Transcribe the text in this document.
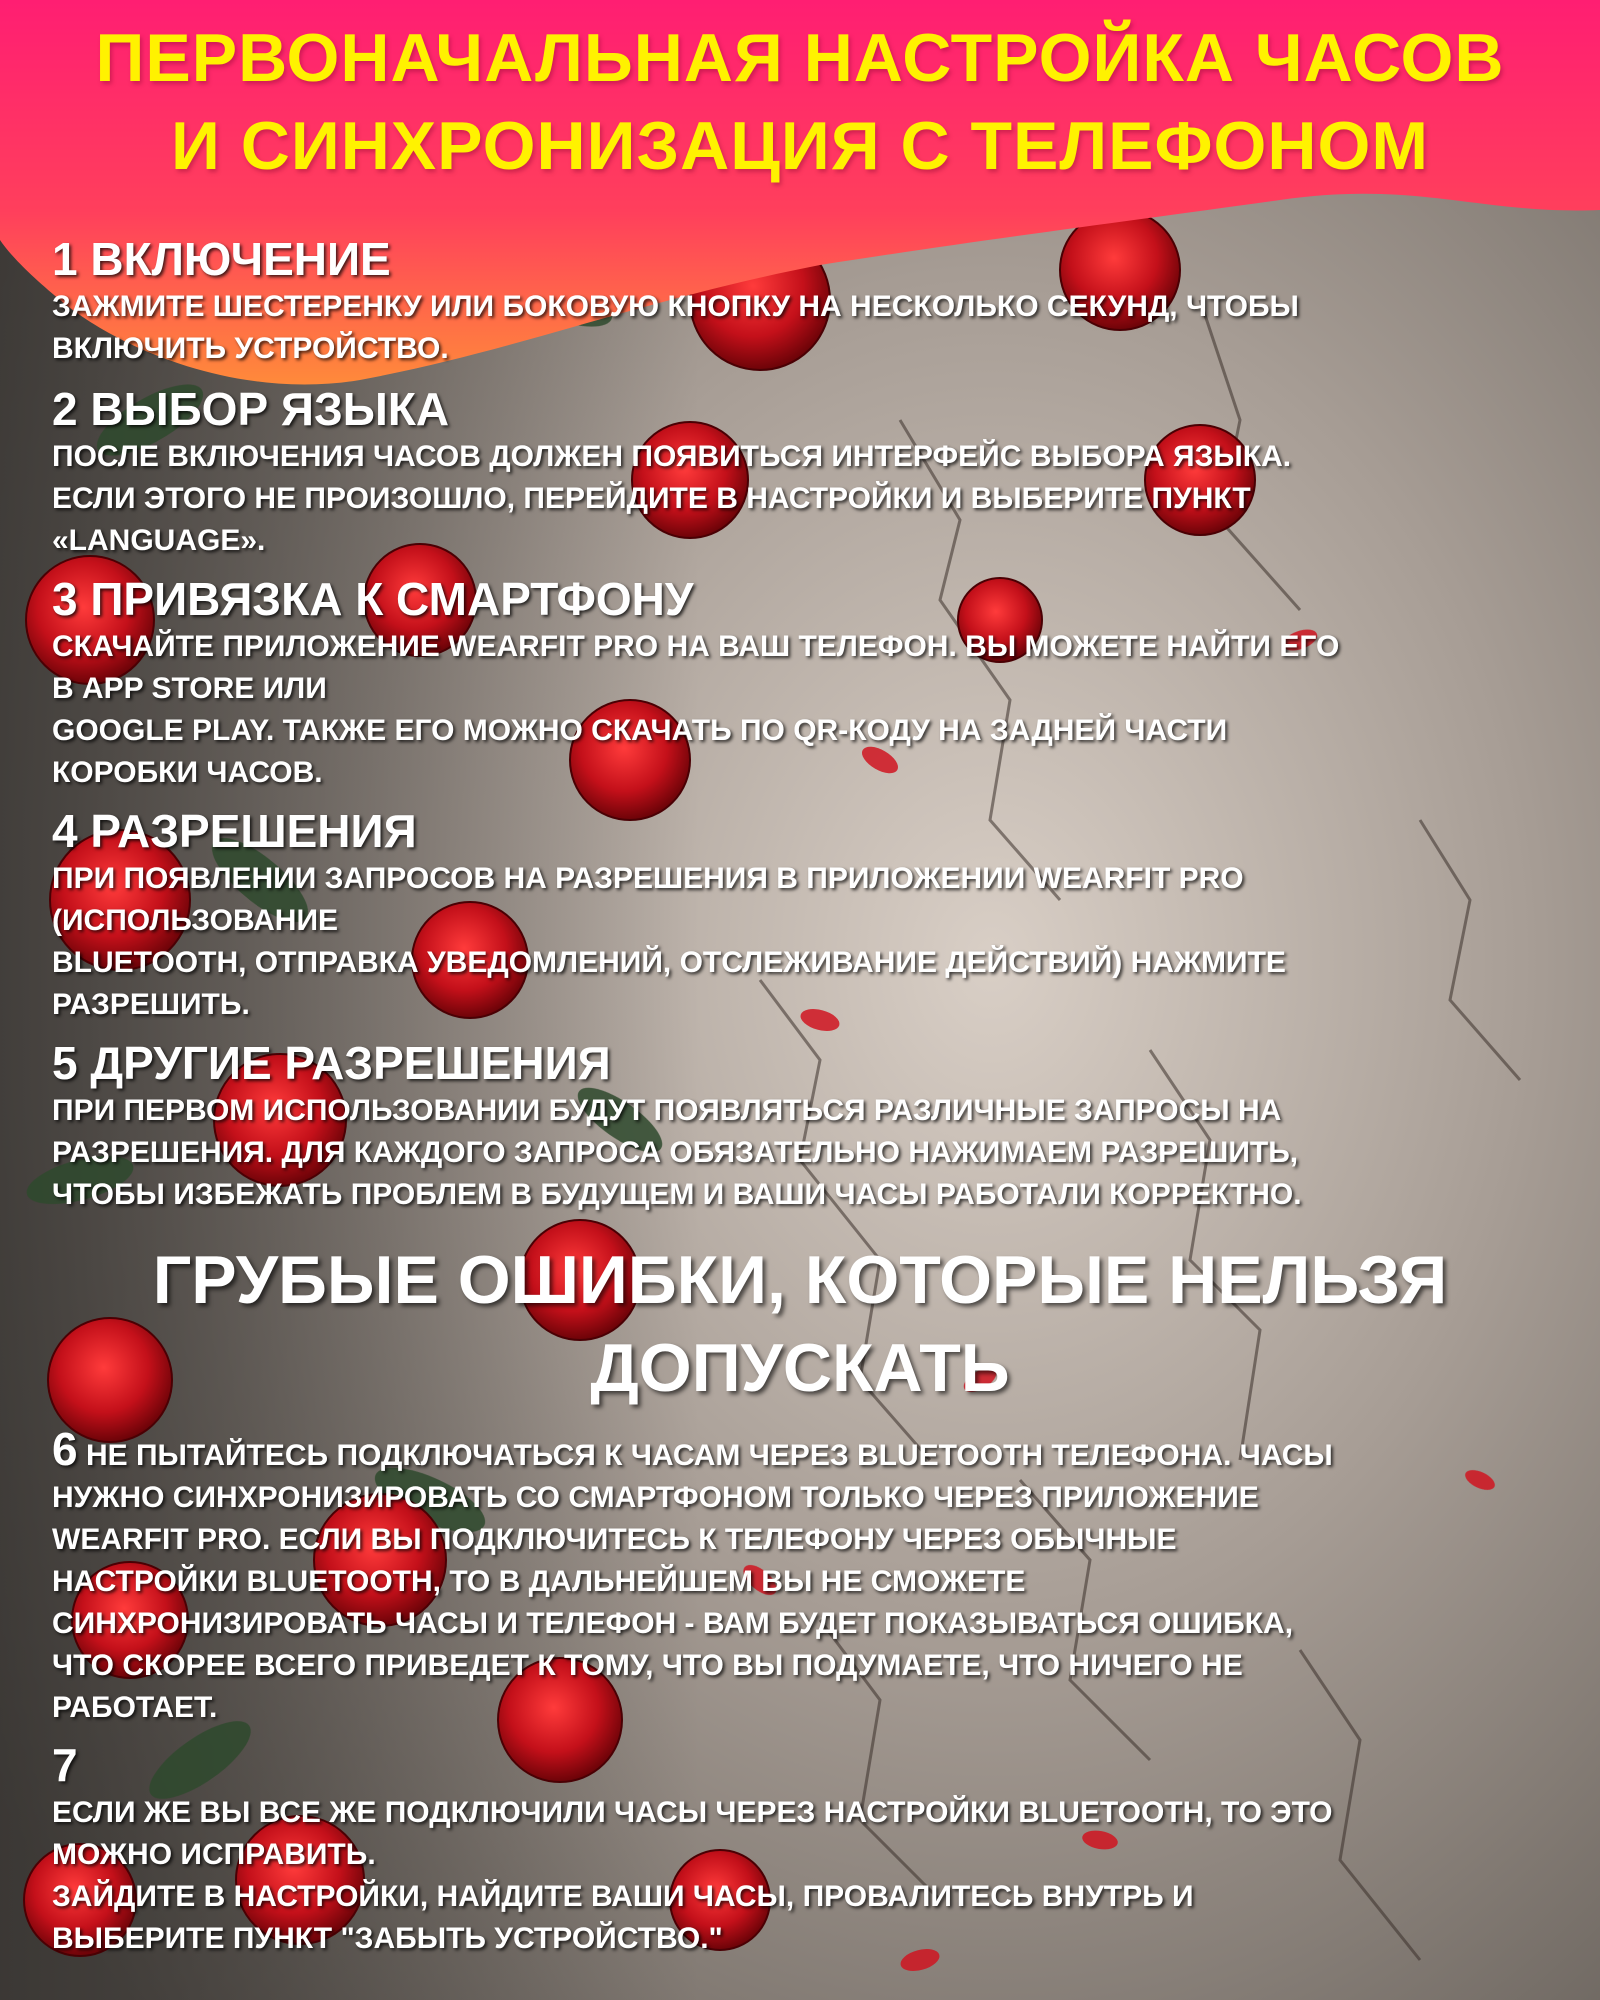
ПЕРВОНАЧАЛЬНАЯ НАСТРОЙКА ЧАСОВ
И СИНХРОНИЗАЦИЯ С ТЕЛЕФОНОМ
1 ВКЛЮЧЕНИЕ
ЗАЖМИТЕ ШЕСТЕРЕНКУ ИЛИ БОКОВУЮ КНОПКУ НА НЕСКОЛЬКО СЕКУНД, ЧТОБЫ
ВКЛЮЧИТЬ УСТРОЙСТВО.
2 ВЫБОР ЯЗЫКА
ПОСЛЕ ВКЛЮЧЕНИЯ ЧАСОВ ДОЛЖЕН ПОЯВИТЬСЯ ИНТЕРФЕЙС ВЫБОРА ЯЗЫКА.
ЕСЛИ ЭТОГО НЕ ПРОИЗОШЛО, ПЕРЕЙДИТЕ В НАСТРОЙКИ И ВЫБЕРИТЕ ПУНКТ
«LANGUAGE».
3 ПРИВЯЗКА К СМАРТФОНУ
СКАЧАЙТЕ ПРИЛОЖЕНИЕ WEARFIT PRO НА ВАШ ТЕЛЕФОН. ВЫ МОЖЕТЕ НАЙТИ ЕГО
В APP STORE ИЛИ
GOOGLE PLAY. ТАКЖЕ ЕГО МОЖНО СКАЧАТЬ ПО QR-КОДУ НА ЗАДНЕЙ ЧАСТИ
КОРОБКИ ЧАСОВ.
4 РАЗРЕШЕНИЯ
ПРИ ПОЯВЛЕНИИ ЗАПРОСОВ НА РАЗРЕШЕНИЯ В ПРИЛОЖЕНИИ WEARFIT PRO
(ИСПОЛЬЗОВАНИЕ
BLUETOOTH, ОТПРАВКА УВЕДОМЛЕНИЙ, ОТСЛЕЖИВАНИЕ ДЕЙСТВИЙ) НАЖМИТЕ
РАЗРЕШИТЬ.
5 ДРУГИЕ РАЗРЕШЕНИЯ
ПРИ ПЕРВОМ ИСПОЛЬЗОВАНИИ БУДУТ ПОЯВЛЯТЬСЯ РАЗЛИЧНЫЕ ЗАПРОСЫ НА
РАЗРЕШЕНИЯ. ДЛЯ КАЖДОГО ЗАПРОСА ОБЯЗАТЕЛЬНО НАЖИМАЕМ РАЗРЕШИТЬ,
ЧТОБЫ ИЗБЕЖАТЬ ПРОБЛЕМ В БУДУЩЕМ И ВАШИ ЧАСЫ РАБОТАЛИ КОРРЕКТНО.
ГРУБЫЕ ОШИБКИ, КОТОРЫЕ НЕЛЬЗЯ
ДОПУСКАТЬ
6 НЕ ПЫТАЙТЕСЬ ПОДКЛЮЧАТЬСЯ К ЧАСАМ ЧЕРЕЗ BLUETOOTH ТЕЛЕФОНА. ЧАСЫ
НУЖНО СИНХРОНИЗИРОВАТЬ СО СМАРТФОНОМ ТОЛЬКО ЧЕРЕЗ ПРИЛОЖЕНИЕ
WEARFIT PRO. ЕСЛИ ВЫ ПОДКЛЮЧИТЕСЬ К ТЕЛЕФОНУ ЧЕРЕЗ ОБЫЧНЫЕ
НАСТРОЙКИ BLUETOOTH, ТО В ДАЛЬНЕЙШЕМ ВЫ НЕ СМОЖЕТЕ
СИНХРОНИЗИРОВАТЬ ЧАСЫ И ТЕЛЕФОН - ВАМ БУДЕТ ПОКАЗЫВАТЬСЯ ОШИБКА,
ЧТО СКОРЕЕ ВСЕГО ПРИВЕДЕТ К ТОМУ, ЧТО ВЫ ПОДУМАЕТЕ, ЧТО НИЧЕГО НЕ
РАБОТАЕТ.
7
ЕСЛИ ЖЕ ВЫ ВСЕ ЖЕ ПОДКЛЮЧИЛИ ЧАСЫ ЧЕРЕЗ НАСТРОЙКИ BLUETOOTH, ТО ЭТО
МОЖНО ИСПРАВИТЬ.
ЗАЙДИТЕ В НАСТРОЙКИ, НАЙДИТЕ ВАШИ ЧАСЫ, ПРОВАЛИТЕСЬ ВНУТРЬ И
ВЫБЕРИТЕ ПУНКТ "ЗАБЫТЬ УСТРОЙСТВО."
